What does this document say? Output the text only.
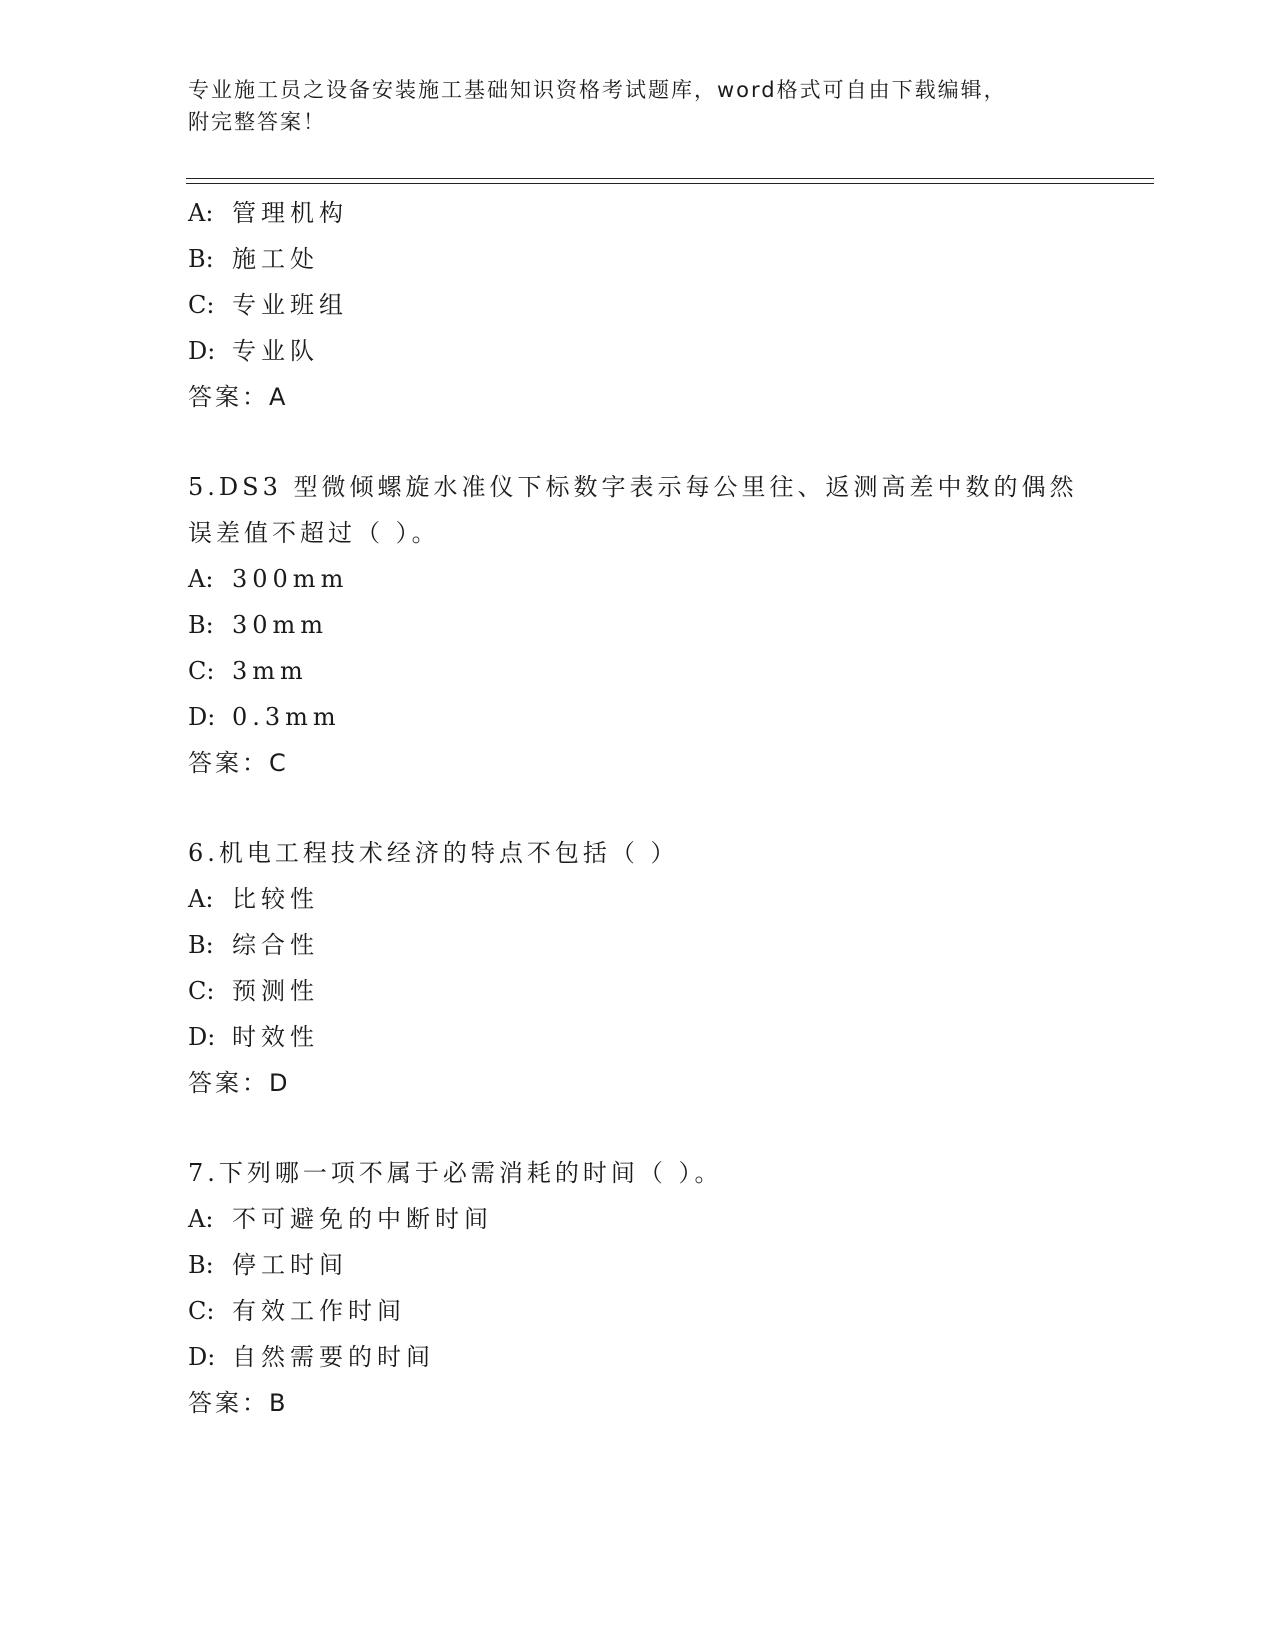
专业施工员之设备安装施工基础知识资格考试题库，word格式可自由下载编辑，
附完整答案！
A: 管理机构
B: 施工处
C: 专业班组
D: 专业队
答案：A
5.DS3 型微倾螺旋水准仪下标数字表示每公里往、返测高差中数的偶然
误差值不超过（ ）。
A: 300mm
B: 30mm
C: 3mm
D: 0.3mm
答案：C
6.机电工程技术经济的特点不包括（ ）
A: 比较性
B: 综合性
C: 预测性
D: 时效性
答案：D
7.下列哪一项不属于必需消耗的时间（ ）。
A: 不可避免的中断时间
B: 停工时间
C: 有效工作时间
D: 自然需要的时间
答案：B
